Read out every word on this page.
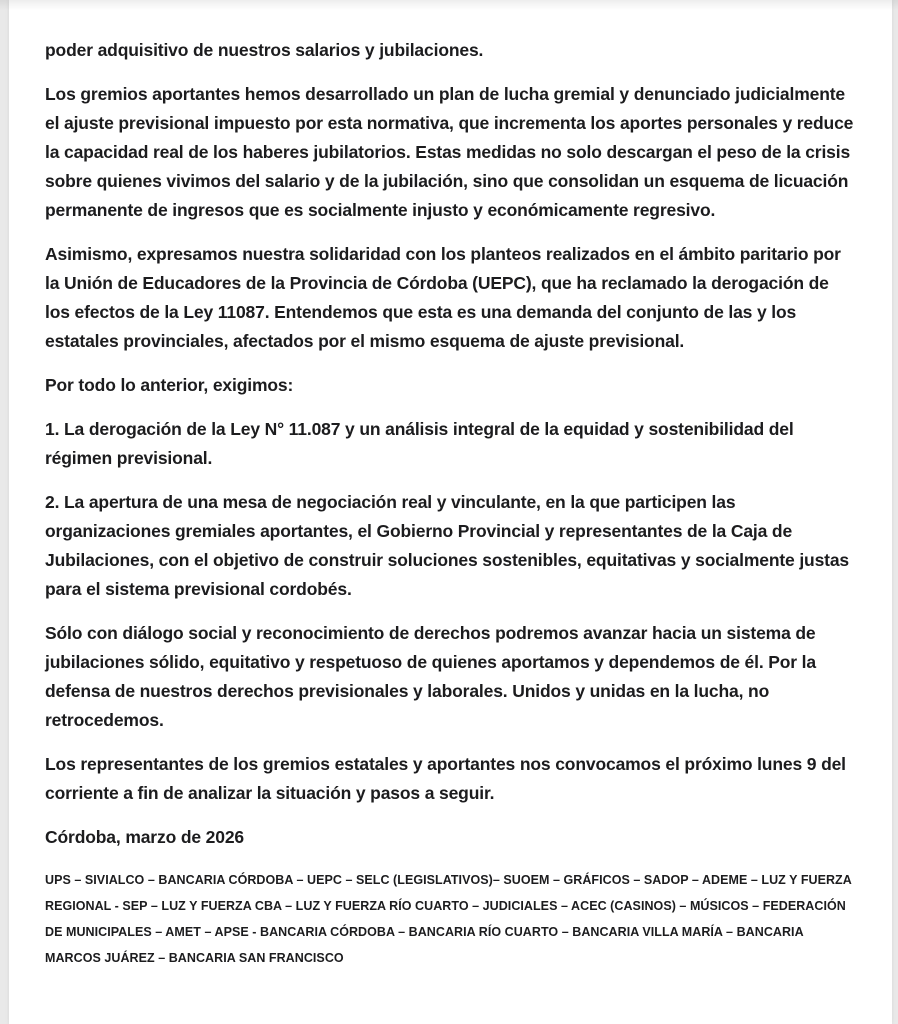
poder adquisitivo de nuestros salarios y jubilaciones.

Los gremios aportantes hemos desarrollado un plan de lucha gremial y denunciado judicialmente el ajuste previsional impuesto por esta normativa, que incrementa los aportes personales y reduce la capacidad real de los haberes jubilatorios. Estas medidas no solo descargan el peso de la crisis sobre quienes vivimos del salario y de la jubilación, sino que consolidan un esquema de licuación permanente de ingresos que es socialmente injusto y económicamente regresivo.

Asimismo, expresamos nuestra solidaridad con los planteos realizados en el ámbito paritario por la Unión de Educadores de la Provincia de Córdoba (UEPC), que ha reclamado la derogación de los efectos de la Ley 11087. Entendemos que esta es una demanda del conjunto de las y los estatales provinciales, afectados por el mismo esquema de ajuste previsional.

Por todo lo anterior, exigimos:

1. La derogación de la Ley N° 11.087 y un análisis integral de la equidad y sostenibilidad del régimen previsional.

2. La apertura de una mesa de negociación real y vinculante, en la que participen las organizaciones gremiales aportantes, el Gobierno Provincial y representantes de la Caja de Jubilaciones, con el objetivo de construir soluciones sostenibles, equitativas y socialmente justas para el sistema previsional cordobés.

Sólo con diálogo social y reconocimiento de derechos podremos avanzar hacia un sistema de jubilaciones sólido, equitativo y respetuoso de quienes aportamos y dependemos de él. Por la defensa de nuestros derechos previsionales y laborales. Unidos y unidas en la lucha, no retrocedemos.

Los representantes de los gremios estatales y aportantes nos convocamos el próximo lunes 9 del corriente a fin de analizar la situación y pasos a seguir.

Córdoba, marzo de 2026

UPS – SIVIALCO – BANCARIA CÓRDOBA – UEPC – SELC (LEGISLATIVOS)– SUOEM – GRÁFICOS – SADOP – ADEME – LUZ Y FUERZA REGIONAL - SEP – LUZ Y FUERZA CBA – LUZ Y FUERZA RÍO CUARTO – JUDICIALES – ACEC (CASINOS) – MÚSICOS – FEDERACIÓN DE MUNICIPALES – AMET – APSE - BANCARIA CÓRDOBA – BANCARIA RÍO CUARTO – BANCARIA VILLA MARÍA – BANCARIA MARCOS JUÁREZ – BANCARIA SAN FRANCISCO
